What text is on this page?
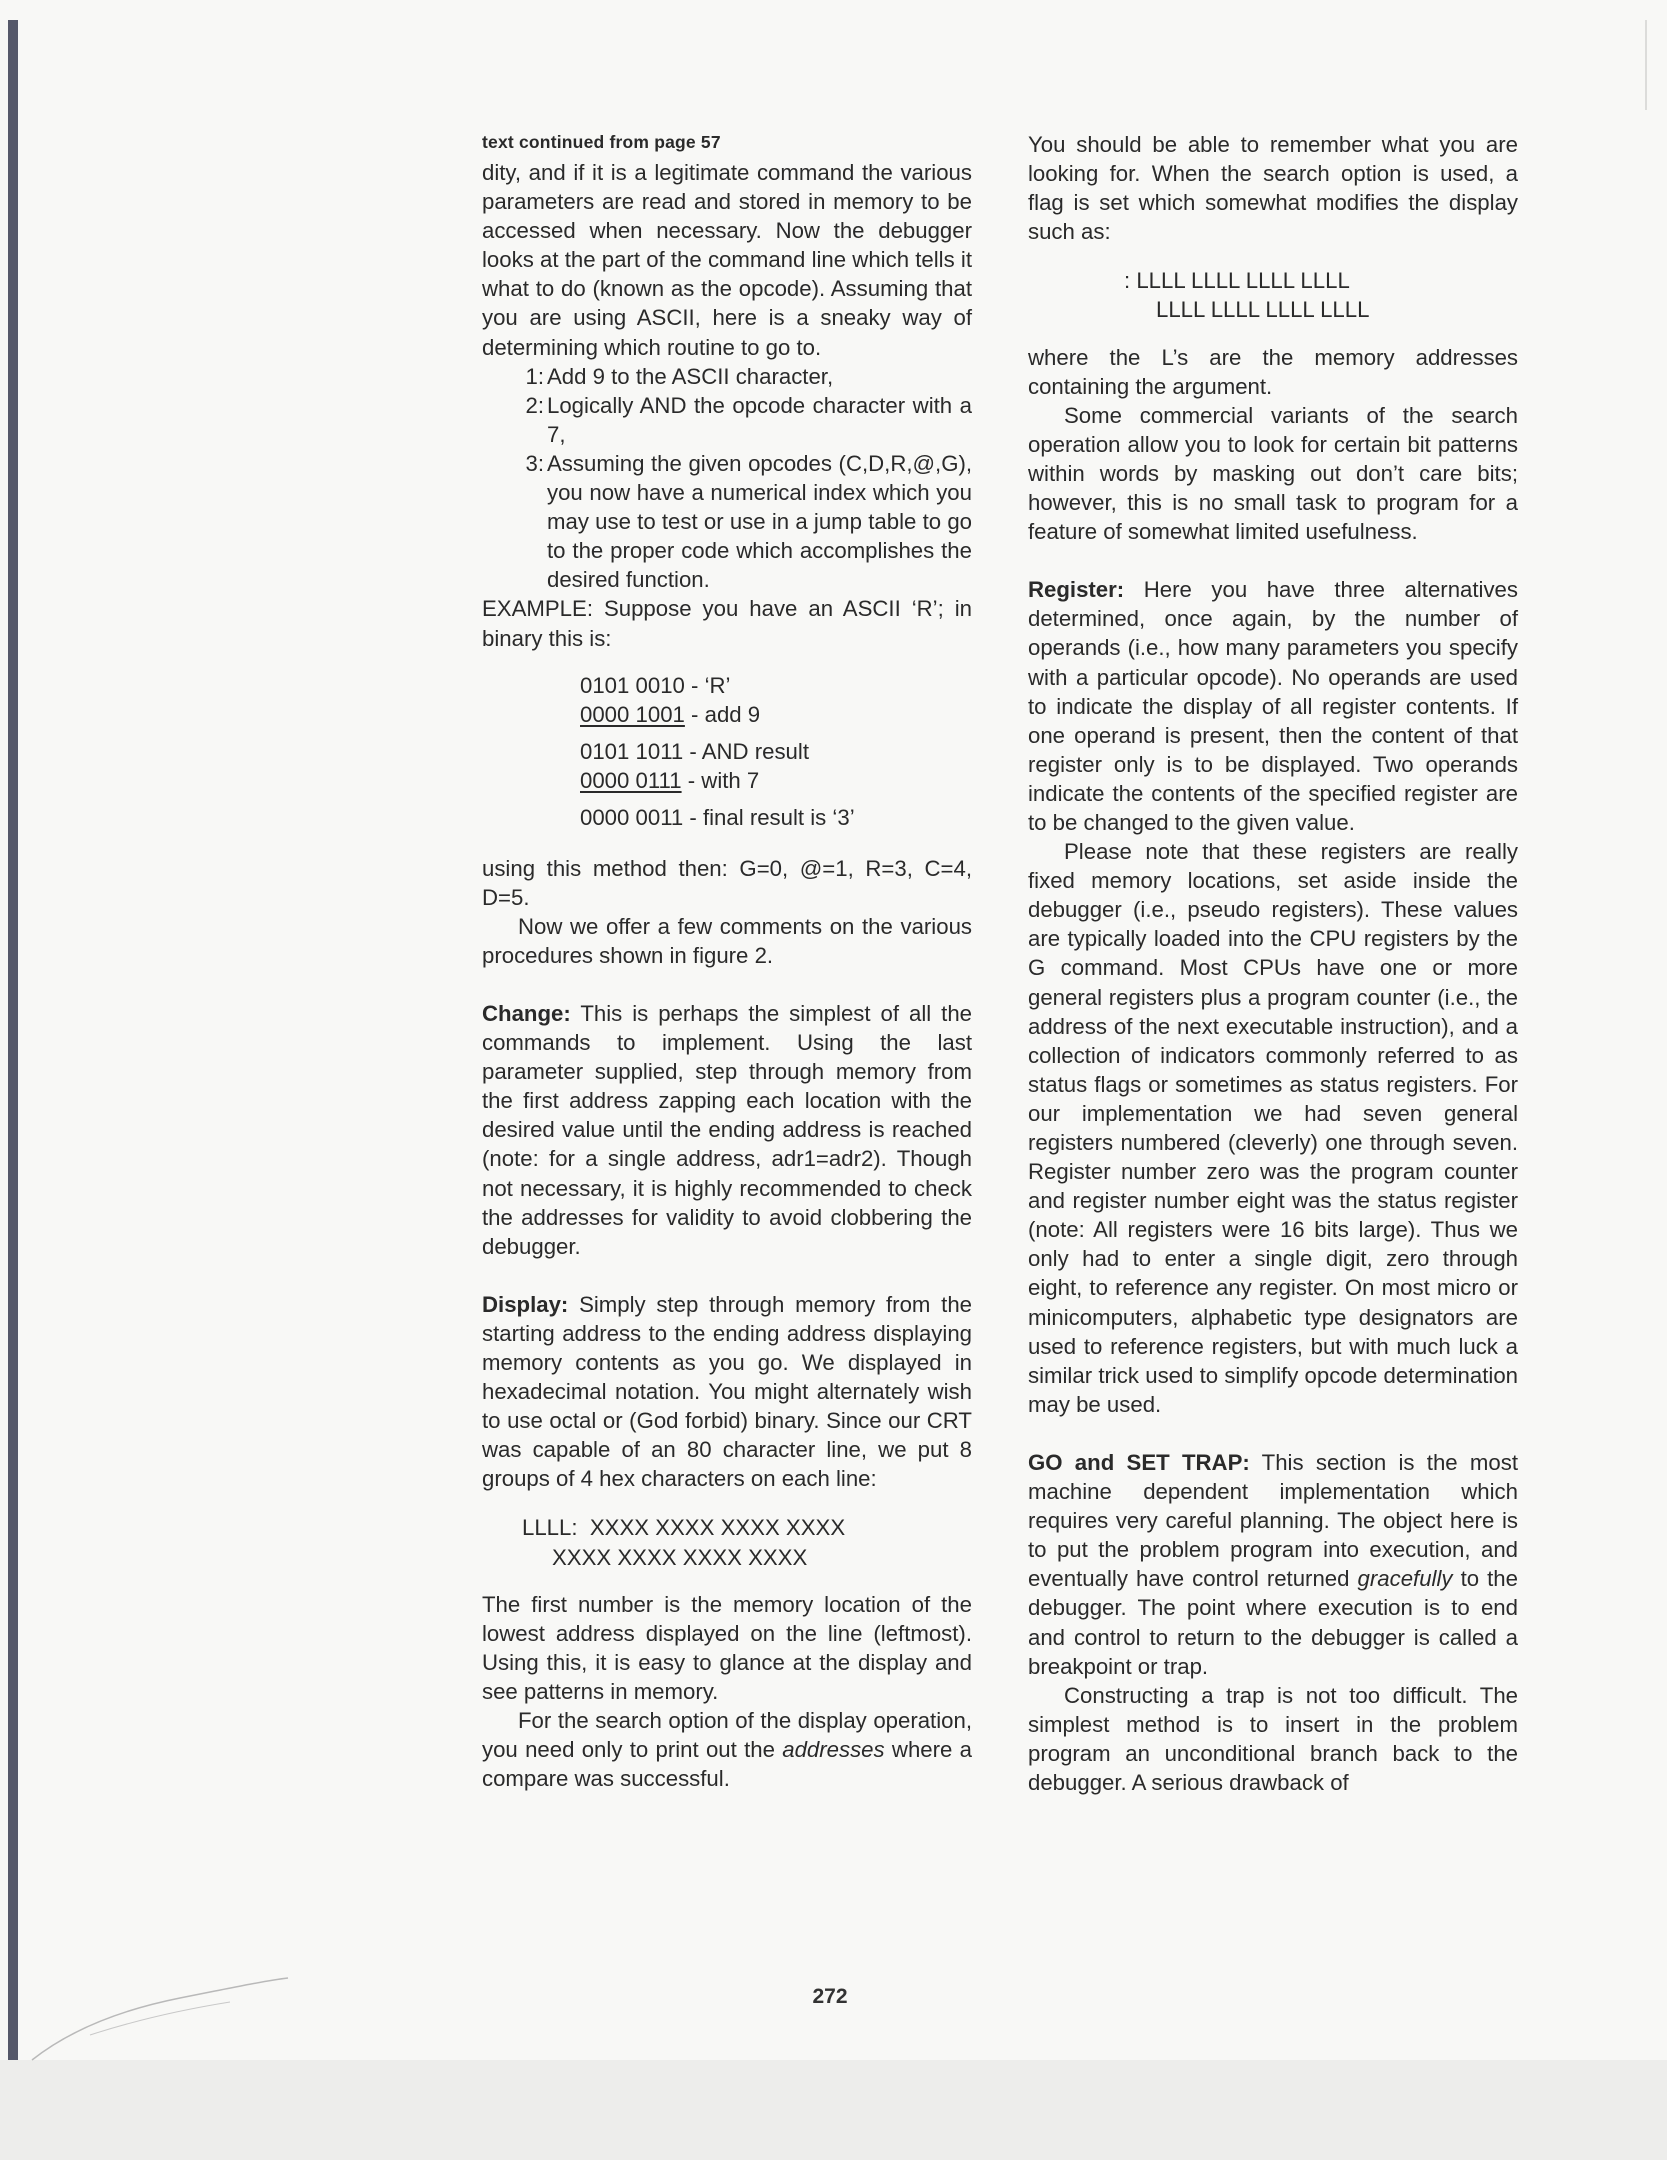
text continued from page 57

dity, and if it is a legitimate command the various parameters are read and stored in memory to be accessed when necessary. Now the debugger looks at the part of the command line which tells it what to do (known as the opcode). Assuming that you are using ASCII, here is a sneaky way of determining which routine to go to.

1: Add 9 to the ASCII character,
2: Logically AND the opcode character with a 7,
3: Assuming the given opcodes (C,D,R,@,G), you now have a numerical index which you may use to test or use in a jump table to go to the proper code which accomplishes the desired function.

EXAMPLE: Suppose you have an ASCII ‘R’; in binary this is:

0101 0010 - ‘R’
0000 1001 - add 9
0101 1011 - AND result
0000 0111 - with 7
0000 0011 - final result is ‘3’

using this method then: G=0, @=1, R=3, C=4, D=5.

Now we offer a few comments on the various procedures shown in figure 2.

Change: This is perhaps the simplest of all the commands to implement. Using the last parameter supplied, step through memory from the first address zapping each location with the desired value until the ending address is reached (note: for a single address, adr1=adr2). Though not necessary, it is highly recommended to check the addresses for validity to avoid clobbering the debugger.

Display: Simply step through memory from the starting address to the ending address displaying memory contents as you go. We displayed in hexadecimal notation. You might alternately wish to use octal or (God forbid) binary. Since our CRT was capable of an 80 character line, we put 8 groups of 4 hex characters on each line:

LLLL:  XXXX XXXX XXXX XXXX
XXXX XXXX XXXX XXXX

The first number is the memory location of the lowest address displayed on the line (leftmost). Using this, it is easy to glance at the display and see patterns in memory.

For the search option of the display operation, you need only to print out the addresses where a compare was successful.

You should be able to remember what you are looking for. When the search option is used, a flag is set which somewhat modifies the display such as:

: LLLL LLLL LLLL LLLL
LLLL LLLL LLLL LLLL

where the L’s are the memory addresses containing the argument.

Some commercial variants of the search operation allow you to look for certain bit patterns within words by masking out don’t care bits; however, this is no small task to program for a feature of somewhat limited usefulness.

Register: Here you have three alternatives determined, once again, by the number of operands (i.e., how many parameters you specify with a particular opcode). No operands are used to indicate the display of all register contents. If one operand is present, then the content of that register only is to be displayed. Two operands indicate the contents of the specified register are to be changed to the given value.

Please note that these registers are really fixed memory locations, set aside inside the debugger (i.e., pseudo registers). These values are typically loaded into the CPU registers by the G command. Most CPUs have one or more general registers plus a program counter (i.e., the address of the next executable instruction), and a collection of indicators commonly referred to as status flags or sometimes as status registers. For our implementation we had seven general registers numbered (cleverly) one through seven. Register number zero was the program counter and register number eight was the status register (note: All registers were 16 bits large). Thus we only had to enter a single digit, zero through eight, to reference any register. On most micro or minicomputers, alphabetic type designators are used to reference registers, but with much luck a similar trick used to simplify opcode determination may be used.

GO and SET TRAP: This section is the most machine dependent implementation which requires very careful planning. The object here is to put the problem program into execution, and eventually have control returned gracefully to the debugger. The point where execution is to end and control to return to the debugger is called a breakpoint or trap.

Constructing a trap is not too difficult. The simplest method is to insert in the problem program an unconditional branch back to the debugger. A serious drawback of

272
